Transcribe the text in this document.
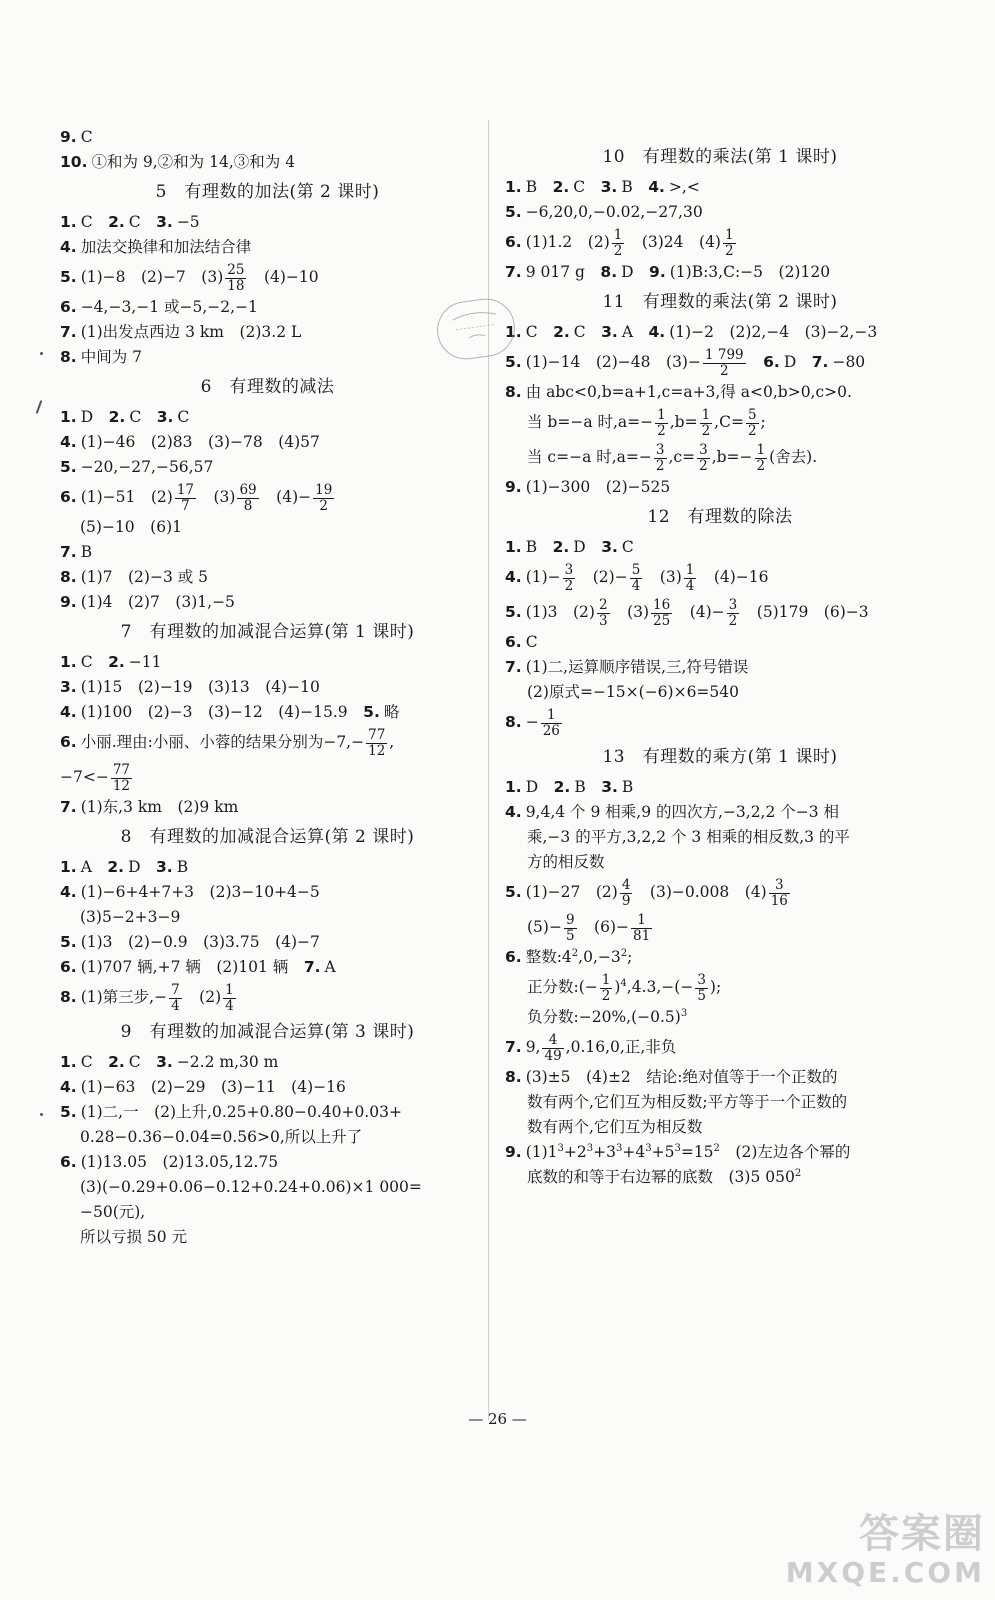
9. C
10. ①和为 9,②和为 14,③和为 4
5　有理数的加法(第 2 课时)
1. C　2. C　3. −5
4. 加法交换律和加法结合律
5. (1)−8　(2)−7　$(3) \frac{25}{18}$ 　(4)−10
6. −4,−3,−1 或−5,−2,−1
7. (1)出发点西边 3 km　(2)3.2 L
8. 中间为 7
6　有理数的减法
1. D　2. C　3. C
4. (1)−46　(2)83　(3)−78　(4)57
5. −20,−27,−56,57
6. (1)−51　$(2) \frac{17}{7}$ 　$(3) \frac{69}{8}$ 　$(4)- \frac{19}{2}$
(5)−10　(6)1
7. B
8. (1)7　(2)−3 或 5
9. (1)4　(2)7　(3)1,−5
7　有理数的加减混合运算(第 1 课时)
1. C　2. −11
3. (1)15　(2)−19　(3)13　(4)−10
4. (1)100　(2)−3　(3)−12　(4)−15.9　5. 略
6. 小丽.理由:小丽、小蓉的结果分别为$-7,- \frac{77}{12}$ ,
$-7<- \frac{77}{12}$
7. (1)东,3 km　(2)9 km
8　有理数的加减混合运算(第 2 课时)
1. A　2. D　3. B
4. (1)−6+4+7+3　(2)3−10+4−5
(3)5−2+3−9
5. (1)3　(2)−0.9　(3)3.75　(4)−7
6. (1)707 辆,+7 辆　(2)101 辆　7. A
8. (1)第三步,− $\frac{7}{4}$ 　$(2) \frac{1}{4}$
9　有理数的加减混合运算(第 3 课时)
1. C　2. C　3. −2.2 m,30 m
4. (1)−63　(2)−29　(3)−11　(4)−16
5. (1)二,一　(2)上升,0.25+0.80−0.40+0.03+
0.28−0.36−0.04=0.56>0,所以上升了
6. (1)13.05　(2)13.05,12.75
(3)(−0.29+0.06−0.12+0.24+0.06)×1 000=
−50(元),
所以亏损 50 元
10　有理数的乘法(第 1 课时)
1. B　2. C　3. B　4. >,<
5. −6,20,0,−0.02,−27,30
6. (1)1.2　$(2) \frac{1}{2}$ 　(3)24　$(4) \frac{1}{2}$
7. 9 017 g　8. D　9. (1)B:3,C:−5　(2)120
11　有理数的乘法(第 2 课时)
1. C　2. C　3. A　4. (1)−2　(2)2,−4　(3)−2,−3
5. (1)−14　(2)−48　$(3)- \frac{1 799}{2}$
　 6. D　7. −80
8. 由 abc<0,b=a+1,c=a+3,得 a<0,b>0,c>0.
当 b=−a 时$,a=- \frac{1}{2} ,b= \frac{1}{2} ,C= \frac{5}{2}$ ;
当 c=−a 时$,a=- \frac{3}{2} ,c= \frac{3}{2} ,b=- \frac{1}{2}$ (舍去).
9. (1)−300　(2)−525
12　有理数的除法
1. B　2. D　3. C
4. $(1)- \frac{3}{2}$ 　$(2)- \frac{5}{4}$ 　$(3) \frac{1}{4}$ 　(4)−16
5. (1)3　$(2) \frac{2}{3}$ 　$(3) \frac{16}{25}$ 　$(4)- \frac{3}{2}$ 　(5)179　(6)−3
6. C
7. (1)二,运算顺序错误,三,符号错误
(2)原式=−15×(−6)×6=540
8. − $\frac{1}{26}$
13　有理数的乘方(第 1 课时)
1. D　2. B　3. B
4. 9,4,4 个 9 相乘,9 的四次方,−3,2,2 个−3 相
乘,−3 的平方,3,2,2 个 3 相乘的相反数,3 的平
方的相反数
5. (1)−27　$(2) \frac{4}{9}$ 　(3)−0.008　$(4) \frac{3}{16}$
$(5)- \frac{9}{5}$ 　$(6)- \frac{1}{81}$
6. 整数$:4^2,0,-3^2$;
正分数:(− $\frac{1}{2} )^4,4.3,-(- \frac{3}{5}$ );
负分数$:-20\%,(-0.5)^3$
7. 9, $\frac{4}{49} ,0.16,0$,正,非负
8. (3)±5　(4)±2　结论:绝对值等于一个正数的
数有两个,它们互为相反数;平方等于一个正数的
数有两个,它们互为相反数
9. $(1)1^3+2^3+3^3+4^3+5^3=15^2$　(2)左边各个幂的
底数的和等于右边幂的底数　(3)5 $050^2$
— 26 —
答案圈
MXQE.COM
